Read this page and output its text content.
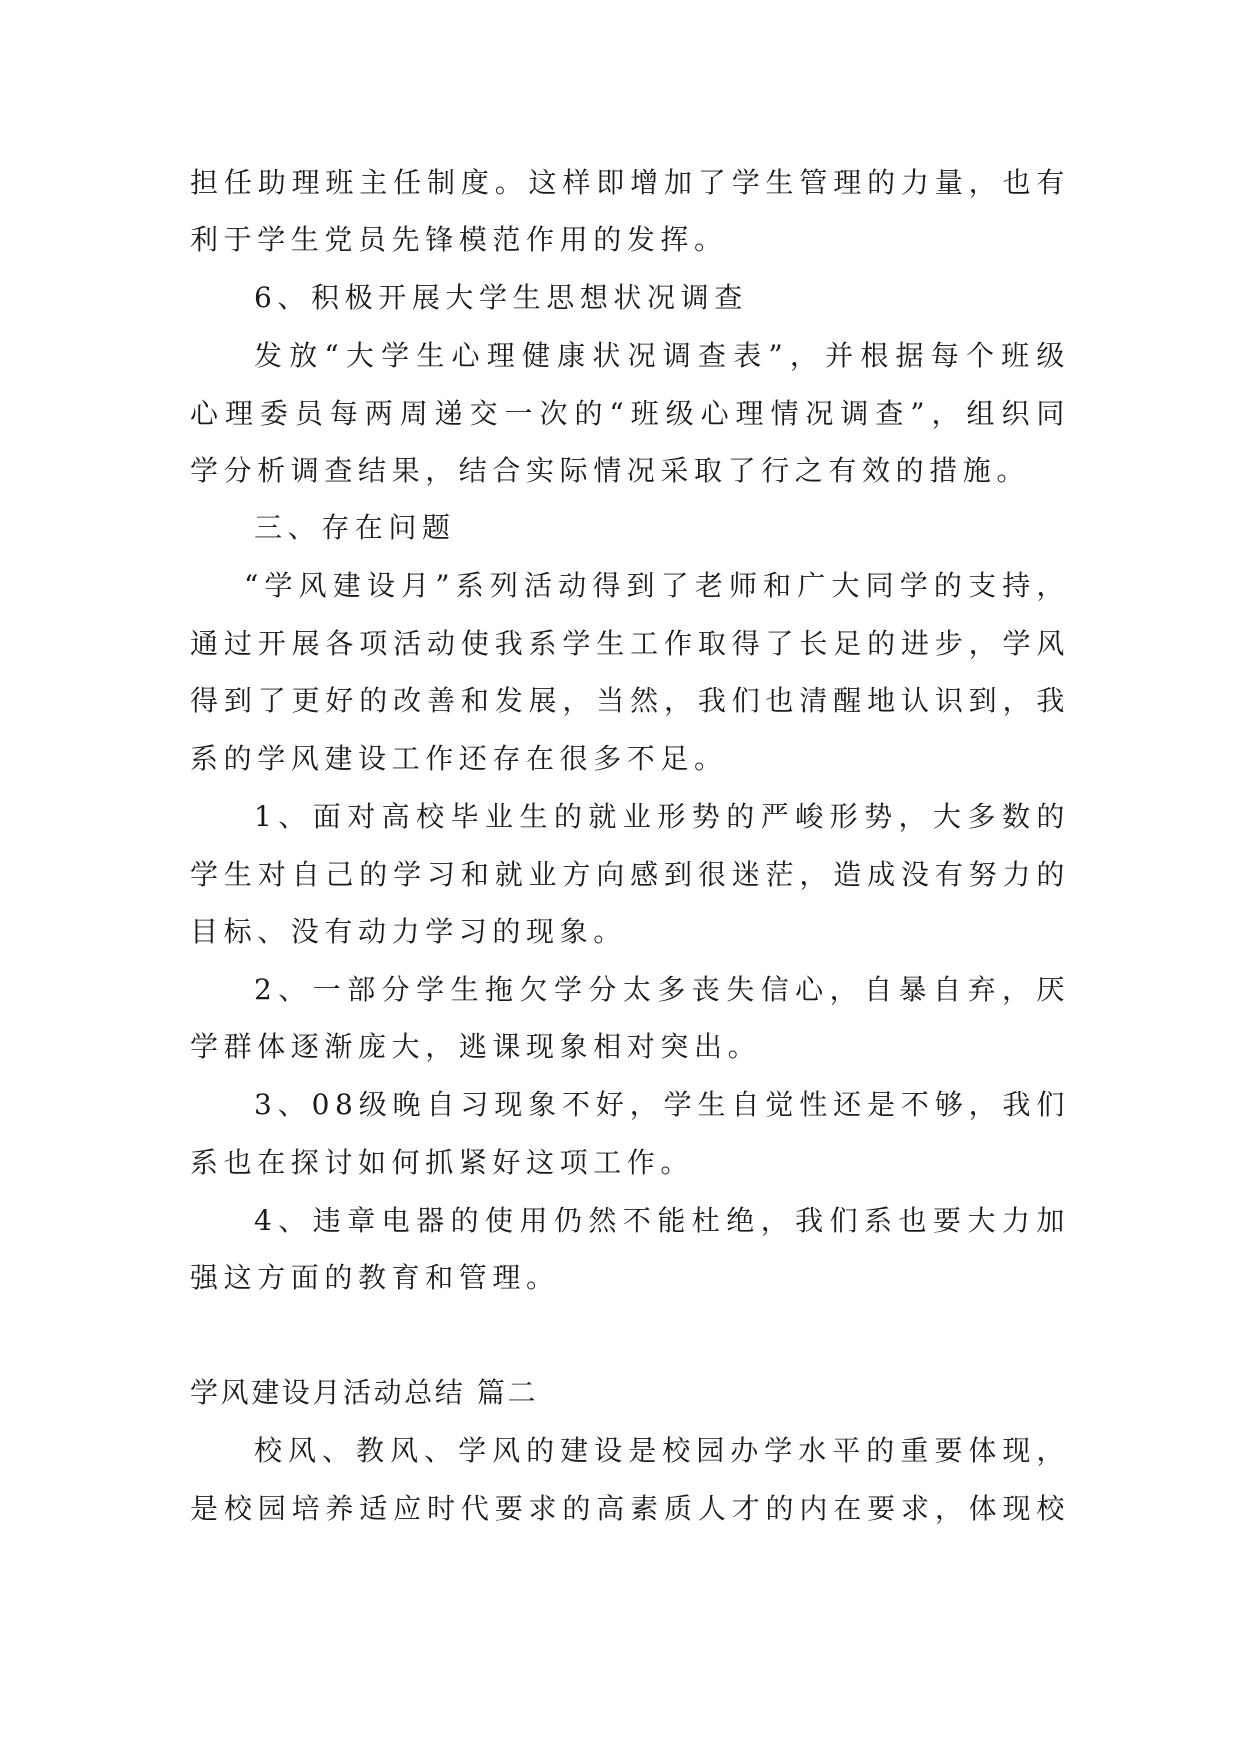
担任助理班主任制度。这样即增加了学生管理的力量，也有
利于学生党员先锋模范作用的发挥。
6、积极开展大学生思想状况调查
发放“大学生心理健康状况调查表”，并根据每个班级
心理委员每两周递交一次的“班级心理情况调查”，组织同
学分析调查结果，结合实际情况采取了行之有效的措施。
三、存在问题
“学风建设月”系列活动得到了老师和广大同学的支持，
通过开展各项活动使我系学生工作取得了长足的进步，学风
得到了更好的改善和发展，当然，我们也清醒地认识到，我
系的学风建设工作还存在很多不足。
1、面对高校毕业生的就业形势的严峻形势，大多数的
学生对自己的学习和就业方向感到很迷茫，造成没有努力的
目标、没有动力学习的现象。
2、一部分学生拖欠学分太多丧失信心，自暴自弃，厌
学群体逐渐庞大，逃课现象相对突出。
3、08级晚自习现象不好，学生自觉性还是不够，我们
系也在探讨如何抓紧好这项工作。
4、违章电器的使用仍然不能杜绝，我们系也要大力加
强这方面的教育和管理。
学风建设月活动总结 篇二
校风、教风、学风的建设是校园办学水平的重要体现，
是校园培养适应时代要求的高素质人才的内在要求，体现校
